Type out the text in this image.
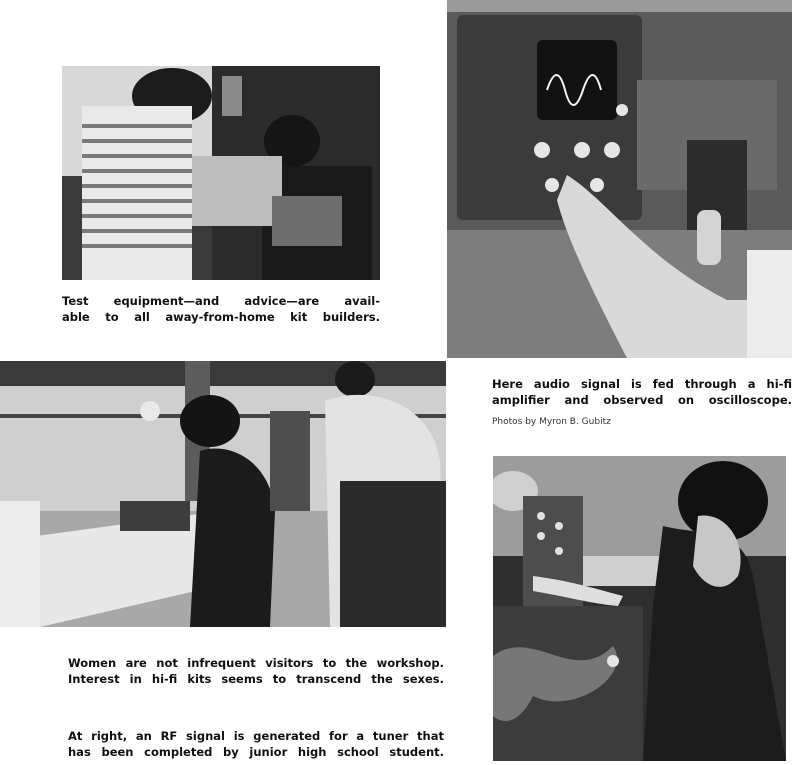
Test equipment—and advice—are avail-
able to all away-from-home kit builders.

Here audio signal is fed through a hi-fi
amplifier and observed on oscilloscope.

Photos by Myron B. Gubitz

Women are not infrequent visitors to the workshop.
Interest in hi-fi kits seems to transcend the sexes.

At right, an RF signal is generated for a tuner that
has been completed by junior high school student.
